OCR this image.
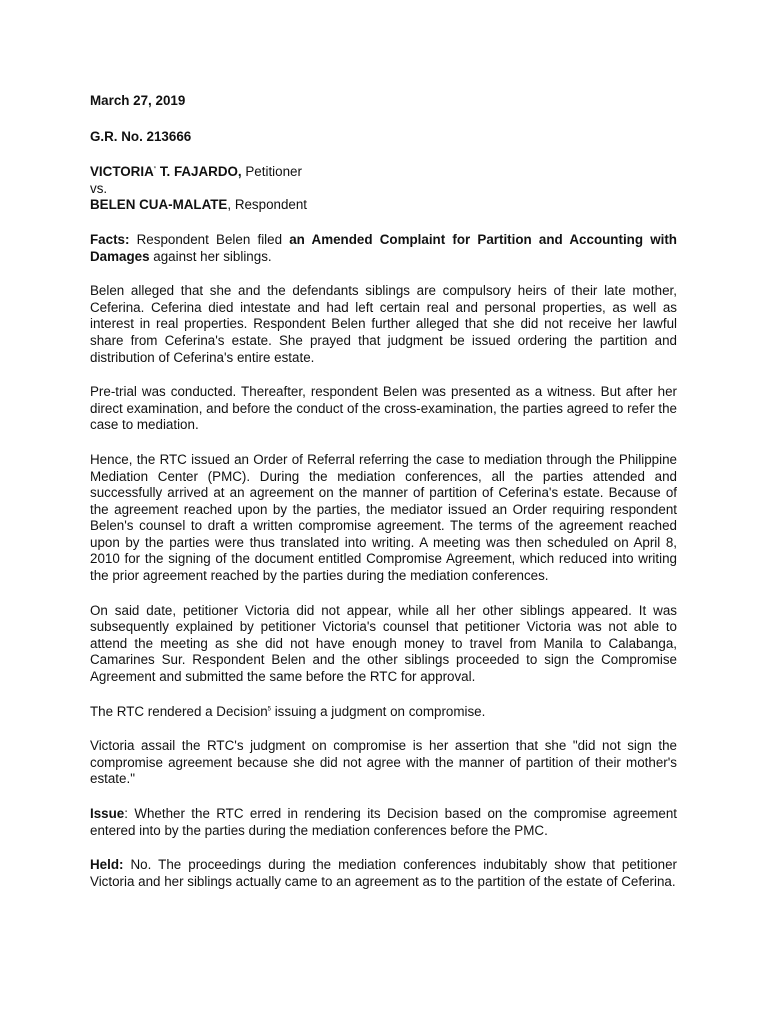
March 27, 2019

G.R. No. 213666

VICTORIA* T. FAJARDO, Petitioner

vs.

BELEN CUA-MALATE, Respondent

Facts: Respondent Belen filed an Amended Complaint for Partition and Accounting with Damages against her siblings.

Belen alleged that she and the defendants siblings are compulsory heirs of their late mother, Ceferina. Ceferina died intestate and had left certain real and personal properties, as well as interest in real properties. Respondent Belen further alleged that she did not receive her lawful share from Ceferina's estate. She prayed that judgment be issued ordering the partition and distribution of Ceferina's entire estate.

Pre-trial was conducted. Thereafter, respondent Belen was presented as a witness. But after her direct examination, and before the conduct of the cross-examination, the parties agreed to refer the case to mediation.

Hence, the RTC issued an Order of Referral referring the case to mediation through the Philippine Mediation Center (PMC). During the mediation conferences, all the parties attended and successfully arrived at an agreement on the manner of partition of Ceferina's estate. Because of the agreement reached upon by the parties, the mediator issued an Order requiring respondent Belen's counsel to draft a written compromise agreement. The terms of the agreement reached upon by the parties were thus translated into writing. A meeting was then scheduled on April 8, 2010 for the signing of the document entitled Compromise Agreement, which reduced into writing the prior agreement reached by the parties during the mediation conferences.

On said date, petitioner Victoria did not appear, while all her other siblings appeared. It was subsequently explained by petitioner Victoria's counsel that petitioner Victoria was not able to attend the meeting as she did not have enough money to travel from Manila to Calabanga, Camarines Sur. Respondent Belen and the other siblings proceeded to sign the Compromise Agreement and submitted the same before the RTC for approval.

The RTC rendered a Decision$^5$ issuing a judgment on compromise.

Victoria assail the RTC's judgment on compromise is her assertion that she "did not sign the compromise agreement because she did not agree with the manner of partition of their mother's estate."

Issue: Whether the RTC erred in rendering its Decision based on the compromise agreement entered into by the parties during the mediation conferences before the PMC.

Held: No. The proceedings during the mediation conferences indubitably show that petitioner Victoria and her siblings actually came to an agreement as to the partition of the estate of Ceferina.
